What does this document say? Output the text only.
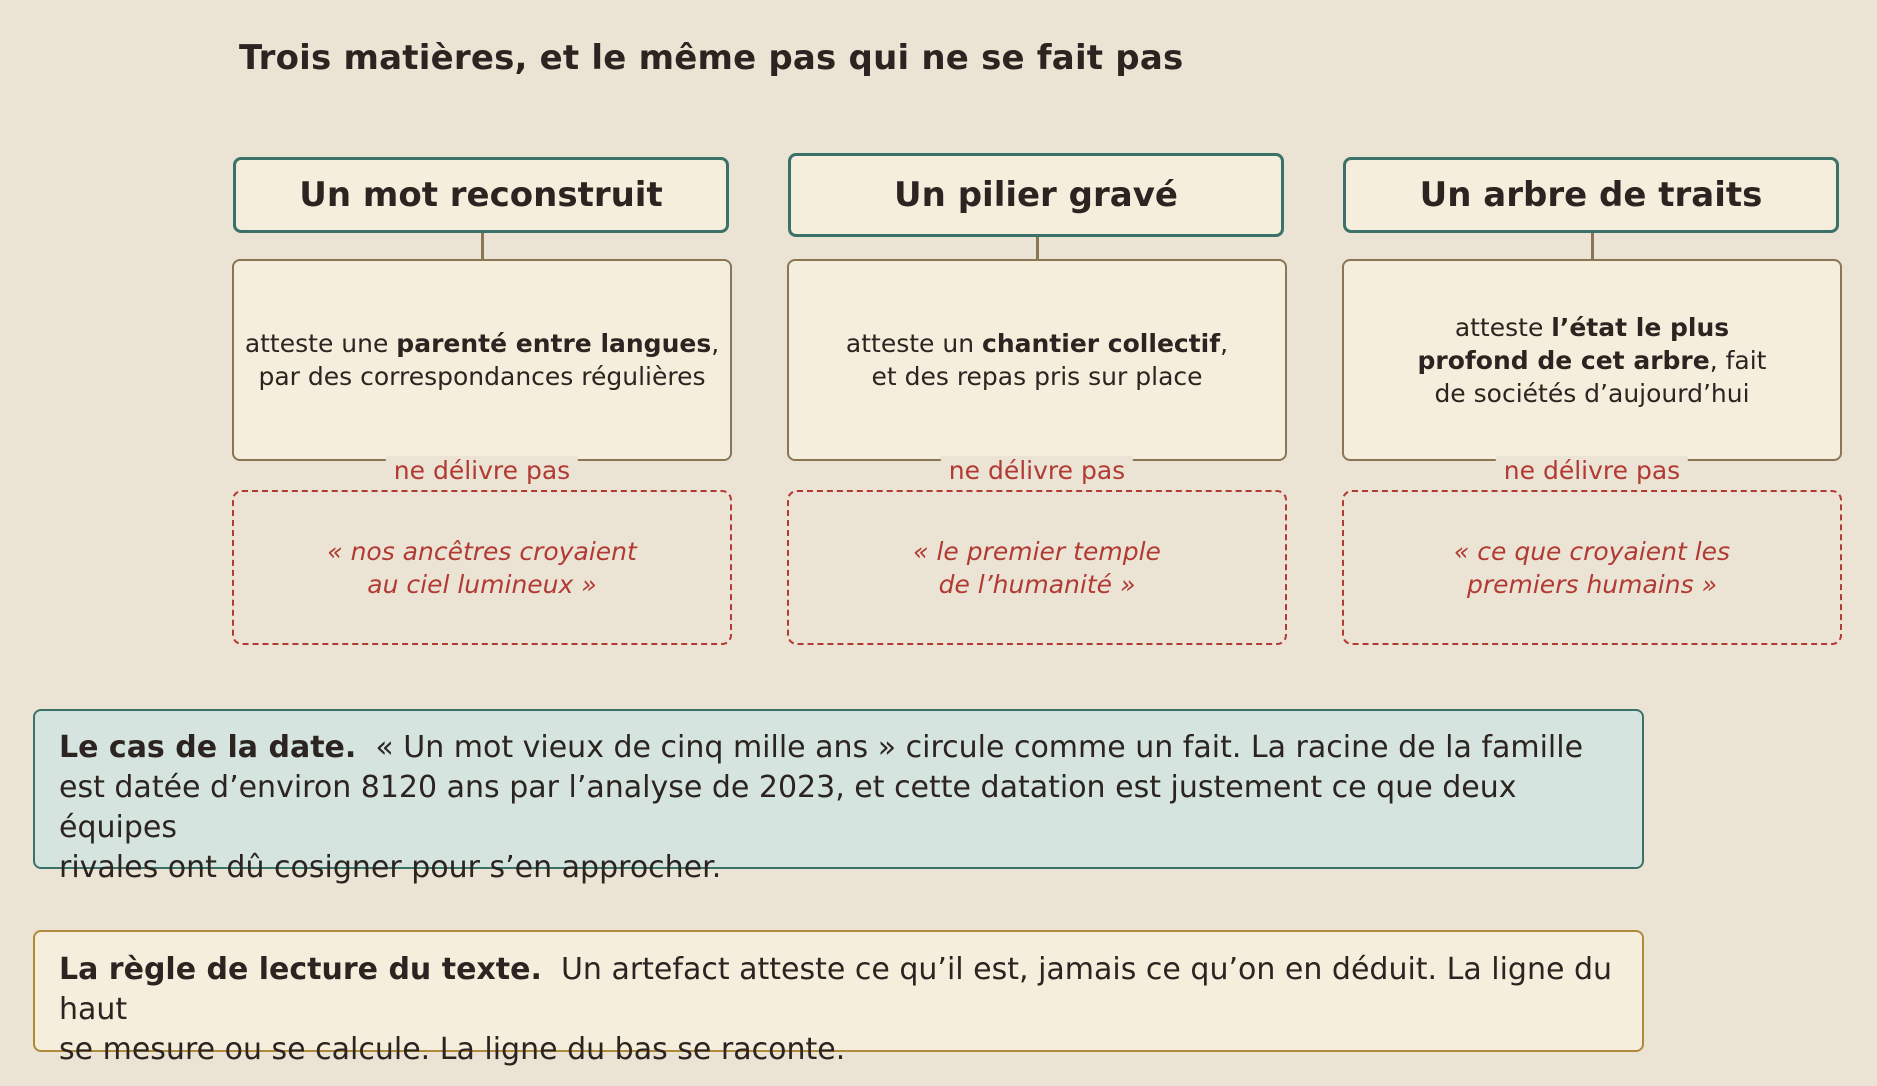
Trois matières, et le même pas qui ne se fait pas
Un mot reconstruit
atteste une parenté entre langues,
par des correspondances régulières
ne délivre pas
« nos ancêtres croyaient
au ciel lumineux »
Un pilier gravé
atteste un chantier collectif,
et des repas pris sur place
ne délivre pas
« le premier temple
de l’humanité »
Un arbre de traits
atteste l’état le plus
profond de cet arbre, fait
de sociétés d’aujourd’hui
ne délivre pas
« ce que croyaient les
premiers humains »
Le cas de la date. « Un mot vieux de cinq mille ans » circule comme un fait. La racine de la famille
est datée d’environ 8120 ans par l’analyse de 2023, et cette datation est justement ce que deux équipes
rivales ont dû cosigner pour s’en approcher.
La règle de lecture du texte. Un artefact atteste ce qu’il est, jamais ce qu’on en déduit. La ligne du haut
se mesure ou se calcule. La ligne du bas se raconte.
